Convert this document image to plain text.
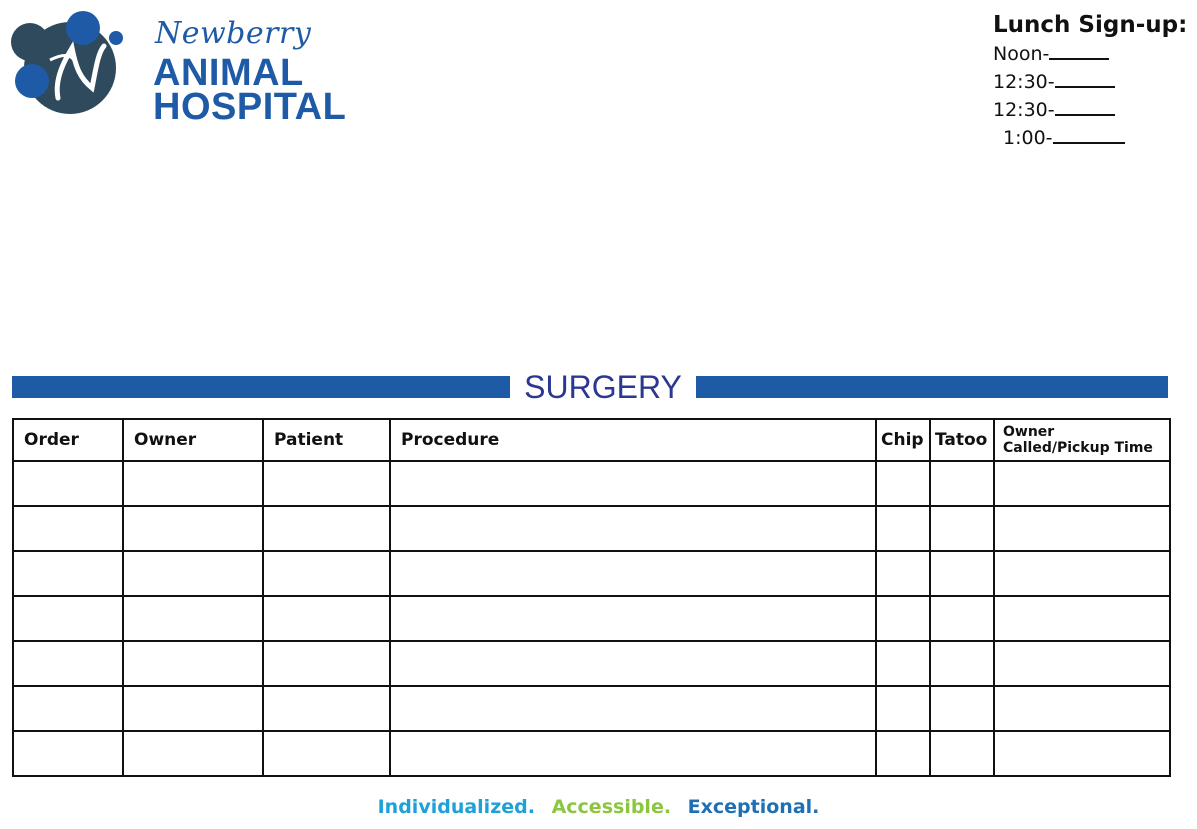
Newberry
ANIMAL
HOSPITAL
Lunch Sign-up:
Noon-
12:30-
12:30-
1:00-
SURGERY
Order	Owner	Patient	Procedure	Chip	Tatoo	Owner
Called/Pickup Time

Individualized. Accessible. Exceptional.
